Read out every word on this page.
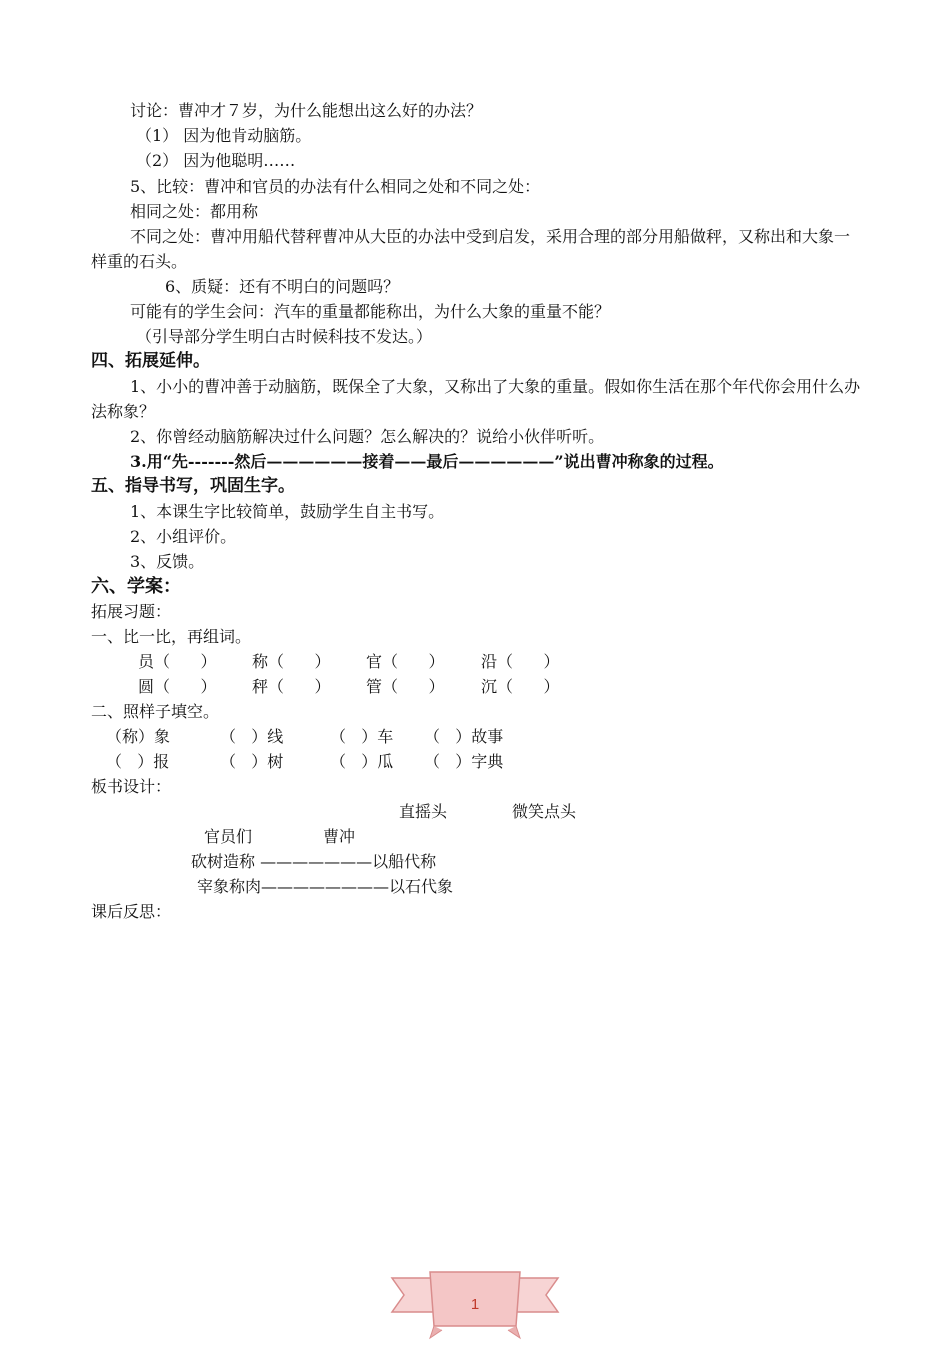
讨论：曹冲才７岁，为什么能想出这么好的办法？
（1） 因为他肯动脑筋。
（2） 因为他聪明……
5、比较：曹冲和官员的办法有什么相同之处和不同之处：
相同之处：都用称
不同之处：曹冲用船代替秤曹冲从大臣的办法中受到启发，采用合理的部分用船做秤，又称出和大象一样重的石头。
6、质疑：还有不明白的问题吗？
可能有的学生会问：汽车的重量都能称出，为什么大象的重量不能？
（引导部分学生明白古时候科技不发达。）
四、拓展延伸。
1、小小的曹冲善于动脑筋，既保全了大象，又称出了大象的重量。假如你生活在那个年代你会用什么办法称象？
2、你曾经动脑筋解决过什么问题？怎么解决的？说给小伙伴听听。
3.用“先-------然后——————接着——最后——————”说出曹冲称象的过程。
五、指导书写，巩固生字。
1、本课生字比较简单，鼓励学生自主书写。
2、小组评价。
3、反馈。
六、学案：
拓展习题：
一、比一比，再组词。
员（      ） 称（      ） 官（      ） 沿（      ）
圆（      ） 秤（      ） 管（      ） 沉（      ）
二、照样子填空。
（称）象	（   ）线	（   ）车 （   ）故事
（   ）报	（   ）树	（   ）瓜 （   ）字典
板书设计：
直摇头	微笑点头
官员们	曹冲
砍树造称 ———————以船代称
宰象称肉————————以石代象
课后反思：
1
